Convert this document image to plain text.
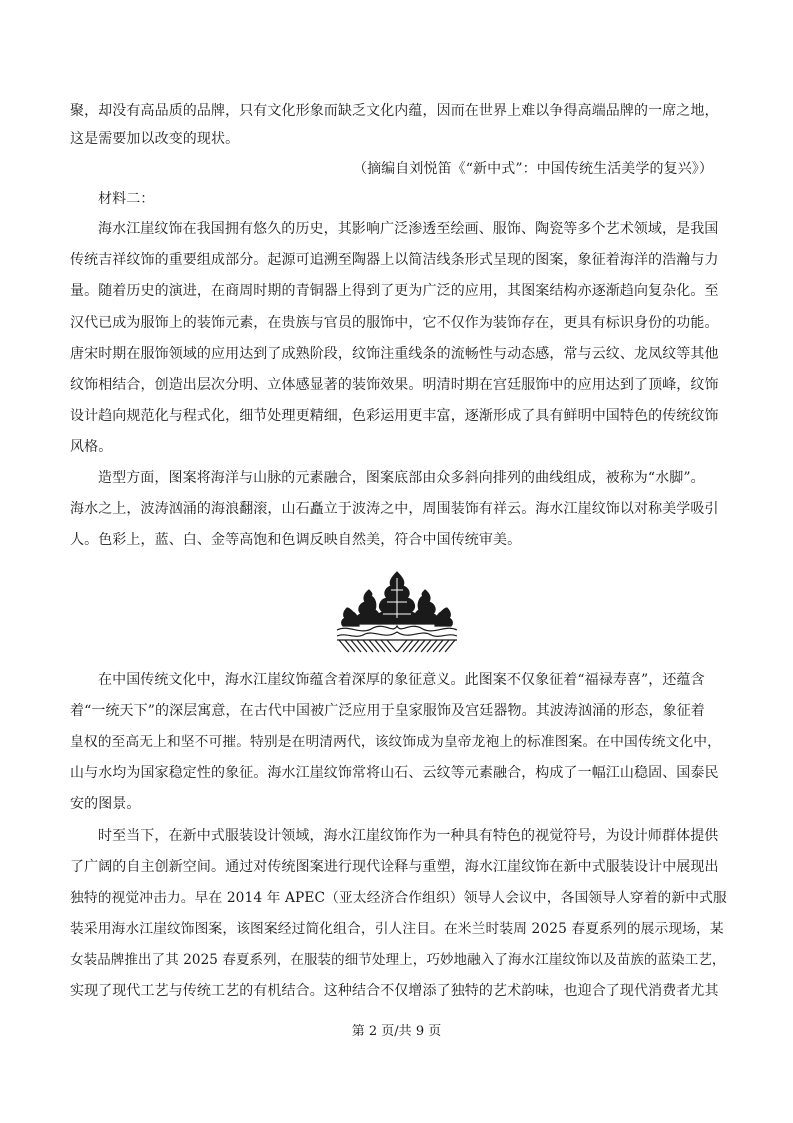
聚，却没有高品质的品牌，只有文化形象而缺乏文化内蕴，因而在世界上难以争得高端品牌的一席之地，
这是需要加以改变的现状。
（摘编自刘悦笛《“新中式”：中国传统生活美学的复兴》）
材料二：
海水江崖纹饰在我国拥有悠久的历史，其影响广泛渗透至绘画、服饰、陶瓷等多个艺术领域，是我国
传统吉祥纹饰的重要组成部分。起源可追溯至陶器上以简洁线条形式呈现的图案，象征着海洋的浩瀚与力
量。随着历史的演进，在商周时期的青铜器上得到了更为广泛的应用，其图案结构亦逐渐趋向复杂化。至
汉代已成为服饰上的装饰元素，在贵族与官员的服饰中，它不仅作为装饰存在，更具有标识身份的功能。
唐宋时期在服饰领域的应用达到了成熟阶段，纹饰注重线条的流畅性与动态感，常与云纹、龙凤纹等其他
纹饰相结合，创造出层次分明、立体感显著的装饰效果。明清时期在宫廷服饰中的应用达到了顶峰，纹饰
设计趋向规范化与程式化，细节处理更精细，色彩运用更丰富，逐渐形成了具有鲜明中国特色的传统纹饰
风格。
造型方面，图案将海洋与山脉的元素融合，图案底部由众多斜向排列的曲线组成，被称为“水脚”。
海水之上，波涛汹涌的海浪翻滚，山石矗立于波涛之中，周围装饰有祥云。海水江崖纹饰以对称美学吸引
人。色彩上，蓝、白、金等高饱和色调反映自然美，符合中国传统审美。
在中国传统文化中，海水江崖纹饰蕴含着深厚的象征意义。此图案不仅象征着“福禄寿喜”，还蕴含
着“一统天下”的深层寓意，在古代中国被广泛应用于皇家服饰及宫廷器物。其波涛汹涌的形态，象征着
皇权的至高无上和坚不可摧。特别是在明清两代，该纹饰成为皇帝龙袍上的标准图案。在中国传统文化中，
山与水均为国家稳定性的象征。海水江崖纹饰常将山石、云纹等元素融合，构成了一幅江山稳固、国泰民
安的图景。
时至当下，在新中式服装设计领域，海水江崖纹饰作为一种具有特色的视觉符号，为设计师群体提供
了广阔的自主创新空间。通过对传统图案进行现代诠释与重塑，海水江崖纹饰在新中式服装设计中展现出
独特的视觉冲击力。早在 2014 年 APEC（亚太经济合作组织）领导人会议中，各国领导人穿着的新中式服
装采用海水江崖纹饰图案，该图案经过简化组合，引人注目。在米兰时装周 2025 春夏系列的展示现场，某
女装品牌推出了其 2025 春夏系列，在服装的细节处理上，巧妙地融入了海水江崖纹饰以及苗族的蓝染工艺，
实现了现代工艺与传统工艺的有机结合。这种结合不仅增添了独特的艺术韵味，也迎合了现代消费者尤其
第 2 页/共 9 页
